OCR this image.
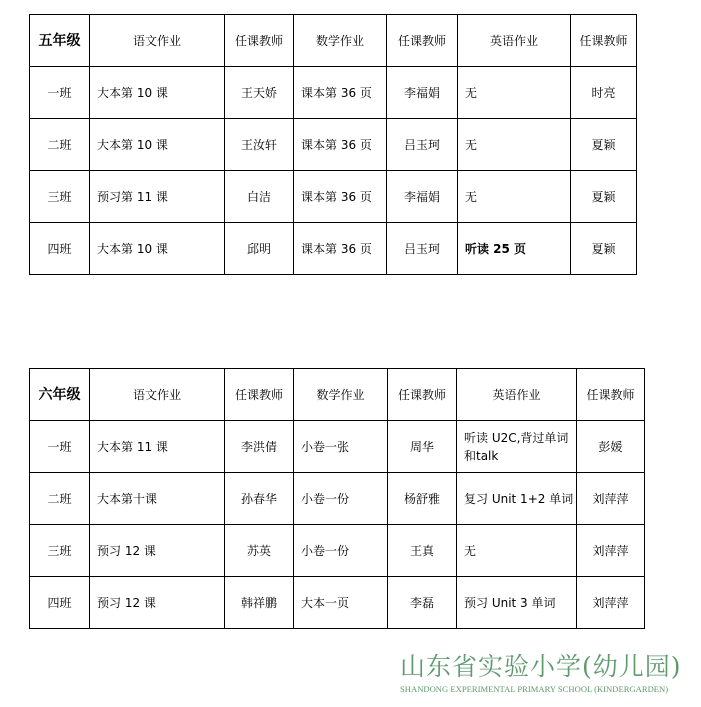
五年级	语文作业	任课教师	数学作业	任课教师	英语作业	任课教师
一班	大本第 10 课	王天娇	课本第 36 页	李福娟	无	时亮
二班	大本第 10 课	王汝轩	课本第 36 页	吕玉珂	无	夏颖
三班	预习第 11 课	白洁	课本第 36 页	李福娟	无	夏颖
四班	大本第 10 课	邱明	课本第 36 页	吕玉珂	听读 25 页	夏颖
六年级	语文作业	任课教师	数学作业	任课教师	英语作业	任课教师
一班	大本第 11 课	李洪倩	小卷一张	周华	听读 U2C,背过单词和talk	彭媛
二班	大本第十课	孙春华	小卷一份	杨舒雅	复习 Unit 1+2 单词	刘萍萍
三班	预习 12 课	苏英	小卷一份	王真	无	刘萍萍
四班	预习 12 课	韩祥鹏	大本一页	李磊	预习 Unit 3 单词	刘萍萍
山东省实验小学(幼儿园)
SHANDONG EXPERIMENTAL PRIMARY SCHOOL (KINDERGARDEN)
